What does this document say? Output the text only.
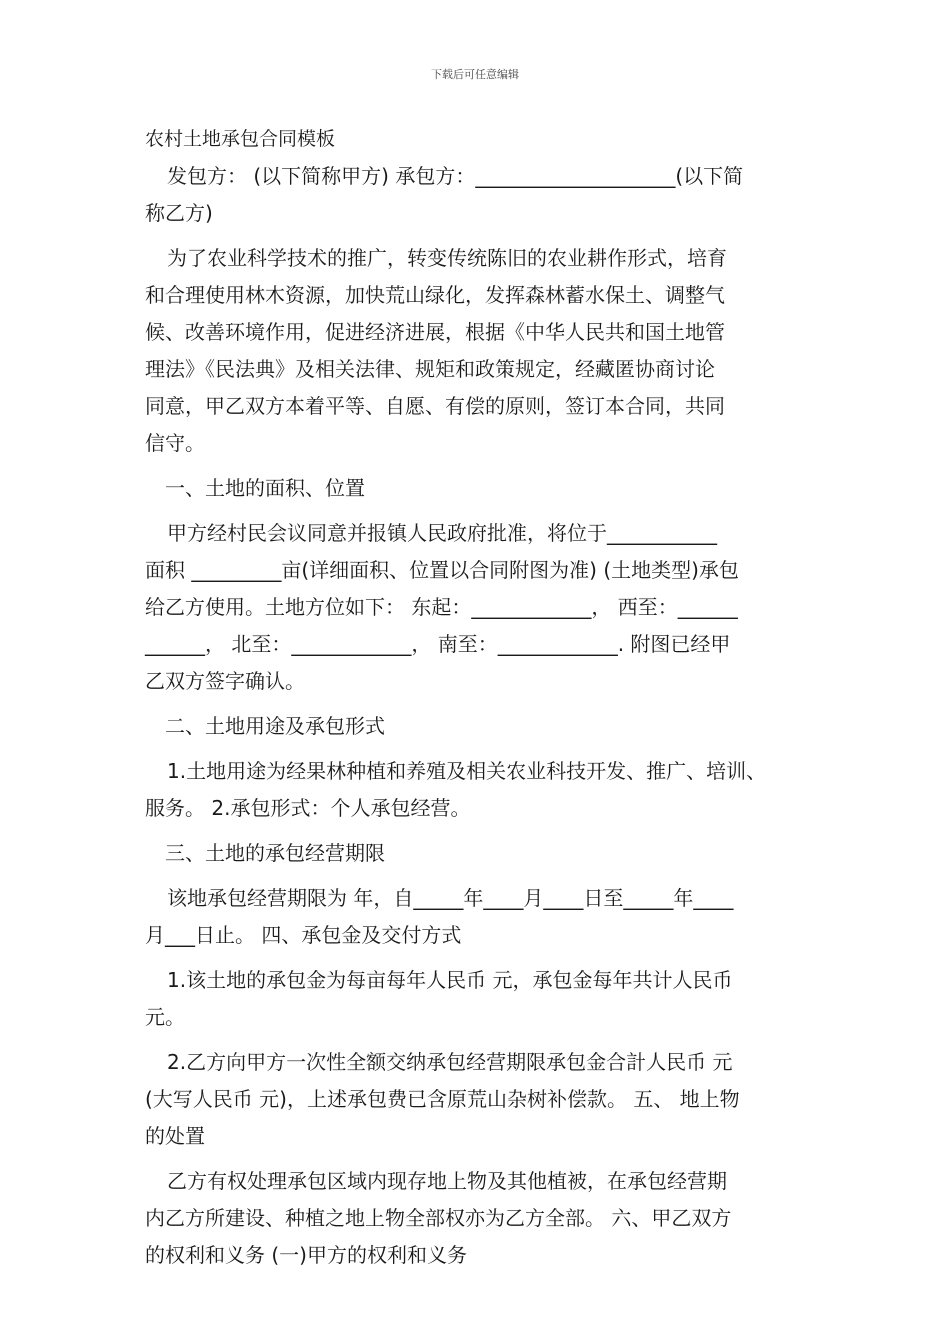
下载后可任意编辑
农村土地承包合同模板
发包方： (以下简称甲方) 承包方：____________________(以下简
称乙方)
为了农业科学技术的推广，转变传统陈旧的农业耕作形式，培育
和合理使用林木资源，加快荒山绿化，发挥森林蓄水保土、调整气
候、改善环境作用，促进经济进展，根据《中华人民共和国土地管
理法》《民法典》及相关法律、规矩和政策规定，经藏匿协商讨论
同意，甲乙双方本着平等、自愿、有偿的原则，签订本合同，共同
信守。
一、土地的面积、位置
甲方经村民会议同意并报镇人民政府批准，将位于___________
面积 _________亩(详细面积、位置以合同附图为准) (土地类型)承包
给乙方使用。土地方位如下： 东起：____________， 西至：______
______， 北至：____________， 南至：____________. 附图已经甲
乙双方签字确认。
二、土地用途及承包形式
1.土地用途为经果林种植和养殖及相关农业科技开发、推广、培训、
服务。 2.承包形式：个人承包经营。
三、土地的承包经营期限
该地承包经营期限为 年，自_____年____月____日至_____年____
月___日止。 四、承包金及交付方式
1.该土地的承包金为每亩每年人民币 元，承包金每年共计人民币
元。
2.乙方向甲方一次性全额交纳承包经营期限承包金合計人民币 元
(大写人民币 元)，上述承包费已含原荒山杂树补偿款。 五、 地上物
的处置
乙方有权处理承包区域内现存地上物及其他植被，在承包经营期
内乙方所建设、种植之地上物全部权亦为乙方全部。 六、甲乙双方
的权利和义务 (一)甲方的权利和义务
